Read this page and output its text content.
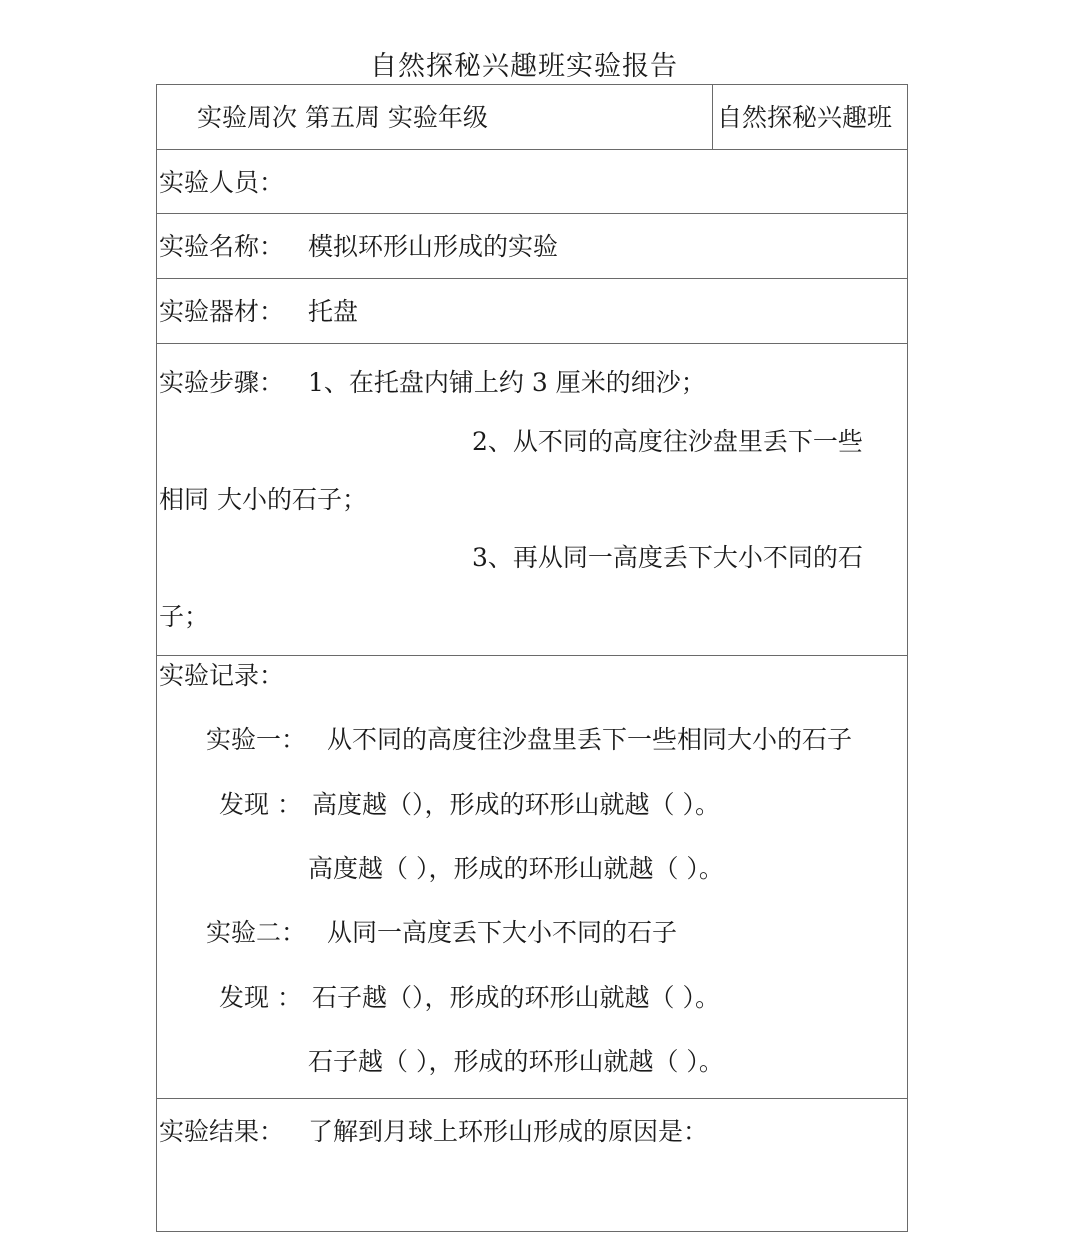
自然探秘兴趣班实验报告
实验周次 第五周 实验年级	自然探秘兴趣班
实验人员：
实验名称： 模拟环形山形成的实验
实验器材： 托盘
实验步骤： 1、在托盘内铺上约 3 厘米的细沙；
2、从不同的高度往沙盘里丢下一些
相同 大小的石子；
3、再从同一高度丢下大小不同的石
子；
实验记录：
实验一： 从不同的高度往沙盘里丢下一些相同大小的石子
发现 ： 高度越（），形成的环形山就越（ ）。
高度越（ ），形成的环形山就越（ ）。
实验二： 从同一高度丢下大小不同的石子
发现 ： 石子越（），形成的环形山就越（ ）。
石子越（ ），形成的环形山就越（ ）。
实验结果： 了解到月球上环形山形成的原因是：
